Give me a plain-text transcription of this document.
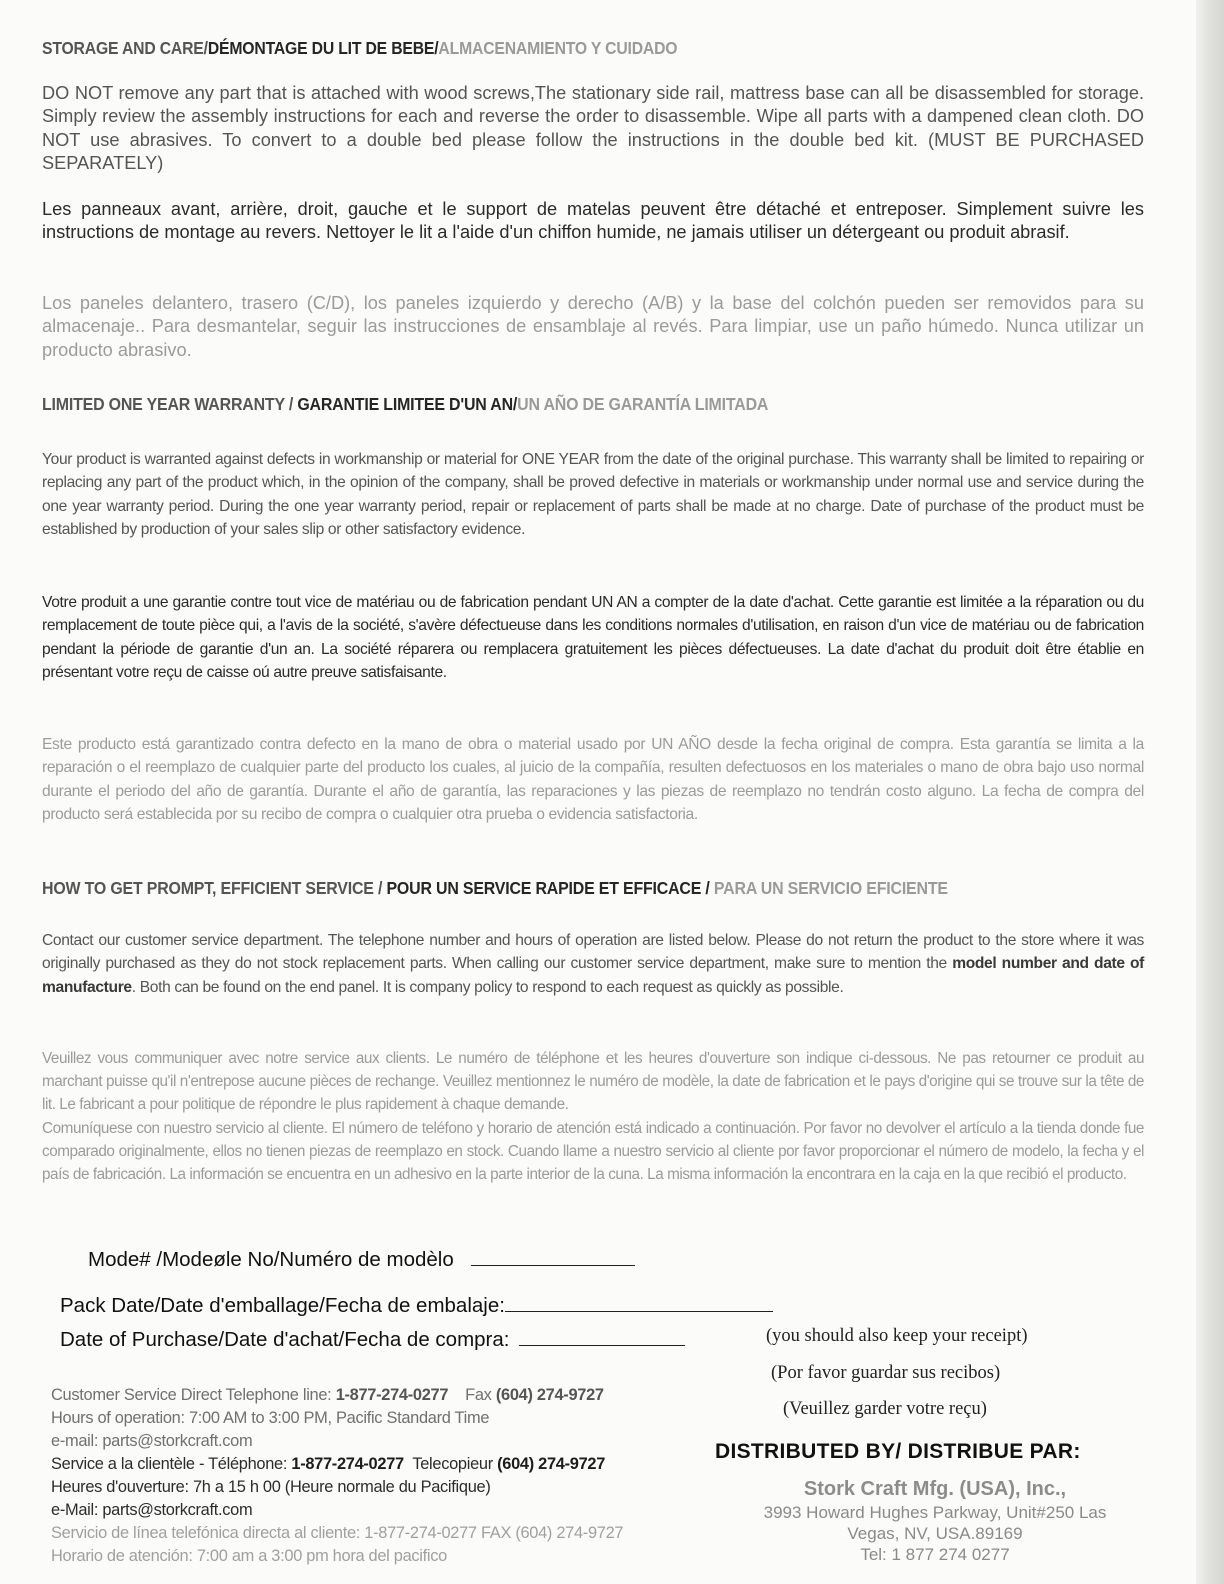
STORAGE AND CARE/DÉMONTAGE DU LIT DE BEBE/ALMACENAMIENTO Y CUIDADO

DO NOT remove any part that is attached with wood screws,The stationary side rail, mattress base can all be disassembled for storage. Simply review the assembly instructions for each and reverse the order to disassemble. Wipe all parts with a dampened clean cloth. DO NOT use abrasives. To convert to a double bed please follow the instructions in the double bed kit. (MUST BE PURCHASED SEPARATELY)

Les panneaux avant, arrière, droit, gauche et le support de matelas peuvent être détaché et entreposer. Simplement suivre les instructions de montage au revers. Nettoyer le lit a l'aide d'un chiffon humide, ne jamais utiliser un détergeant ou produit abrasif.

Los paneles delantero, trasero (C/D), los paneles izquierdo y derecho (A/B) y la base del colchón pueden ser removidos para su almacenaje.. Para desmantelar, seguir las instrucciones de ensamblaje al revés. Para limpiar, use un paño húmedo. Nunca utilizar un producto abrasivo.

LIMITED ONE YEAR WARRANTY / GARANTIE LIMITEE D'UN AN/UN AÑO DE GARANTÍA LIMITADA

Your product is warranted against defects in workmanship or material for ONE YEAR from the date of the original purchase. This warranty shall be limited to repairing or replacing any part of the product which, in the opinion of the company, shall be proved defective in materials or workmanship under normal use and service during the one year warranty period. During the one year warranty period, repair or replacement of parts shall be made at no charge. Date of purchase of the product must be established by production of your sales slip or other satisfactory evidence.

Votre produit a une garantie contre tout vice de matériau ou de fabrication pendant UN AN a compter de la date d'achat. Cette garantie est limitée a la réparation ou du remplacement de toute pièce qui, a l'avis de la société, s'avère défectueuse dans les conditions normales d'utilisation, en raison d'un vice de matériau ou de fabrication pendant la période de garantie d'un an. La société réparera ou remplacera gratuitement les pièces défectueuses. La date d'achat du produit doit être établie en présentant votre reçu de caisse oú autre preuve satisfaisante.

Este producto está garantizado contra defecto en la mano de obra o material usado por UN AÑO desde la fecha original de compra. Esta garantía se limita a la reparación o el reemplazo de cualquier parte del producto los cuales, al juicio de la compañía, resulten defectuosos en los materiales o mano de obra bajo uso normal durante el periodo del año de garantía. Durante el año de garantía, las reparaciones y las piezas de reemplazo no tendrán costo alguno. La fecha de compra del producto será establecida por su recibo de compra o cualquier otra prueba o evidencia satisfactoria.

HOW TO GET PROMPT, EFFICIENT SERVICE / POUR UN SERVICE RAPIDE ET EFFICACE / PARA UN SERVICIO EFICIENTE

Contact our customer service department. The telephone number and hours of operation are listed below. Please do not return the product to the store where it was originally purchased as they do not stock replacement parts. When calling our customer service department, make sure to mention the model number and date of manufacture. Both can be found on the end panel. It is company policy to respond to each request as quickly as possible.

Veuillez vous communiquer avec notre service aux clients. Le numéro de téléphone et les heures d'ouverture son indique ci-dessous. Ne pas retourner ce produit au marchant puisse qu'il n'entrepose aucune pièces de rechange. Veuillez mentionnez le numéro de modèle, la date de fabrication et le pays d'origine qui se trouve sur la tête de lit. Le fabricant a pour politique de répondre le plus rapidement à chaque demande.

Comuníquese con nuestro servicio al cliente. El número de teléfono y horario de atención está indicado a continuación. Por favor no devolver el artículo a la tienda donde fue comparado originalmente, ellos no tienen piezas de reemplazo en stock. Cuando llame a nuestro servicio al cliente por favor proporcionar el número de modelo, la fecha y el país de fabricación. La información se encuentra en un adhesivo en la parte interior de la cuna. La misma información la encontrara en la caja en la que recibió el producto.

Mode# /Modeøle No/Numéro de modèlo
Pack Date/Date d'emballage/Fecha de embalaje:
Date of Purchase/Date d'achat/Fecha de compra:	(you should also keep your receipt)
(Por favor guardar sus recibos)
(Veuillez garder votre reçu)
Customer Service Direct Telephone line: 1-877-274-0277 Fax (604) 274-9727
Hours of operation: 7:00 AM to 3:00 PM, Pacific Standard Time
e-mail: parts@storkcraft.com
Service a la clientèle - Téléphone: 1-877-274-0277 Telecopieur (604) 274-9727
Heures d'ouverture: 7h a 15 h 00 (Heure normale du Pacifique)
e-Mail: parts@storkcraft.com
Servicio de línea telefónica directa al cliente: 1-877-274-0277 FAX (604) 274-9727
Horario de atención: 7:00 am a 3:00 pm hora del pacifico
DISTRIBUTED BY/ DISTRIBUE PAR:
Stork Craft Mfg. (USA), Inc.,
3993 Howard Hughes Parkway, Unit#250 Las
Vegas, NV, USA.89169
Tel: 1 877 274 0277
